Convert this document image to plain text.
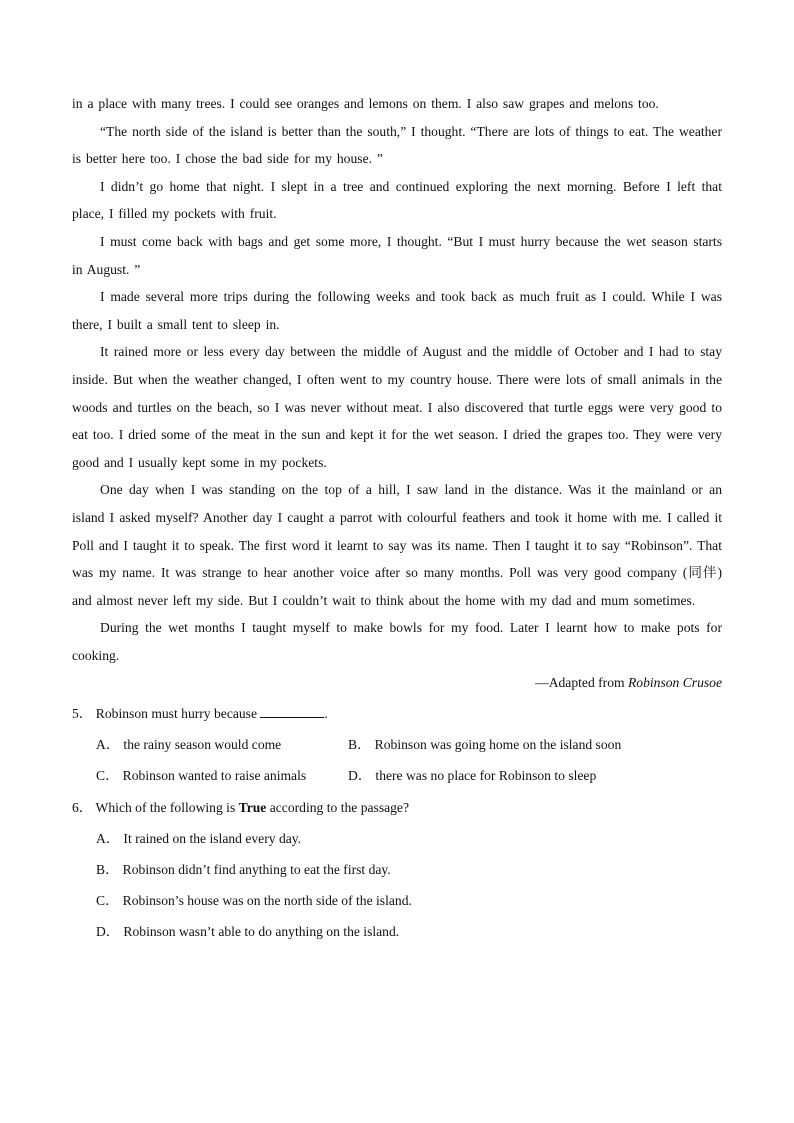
in a place with many trees. I could see oranges and lemons on them. I also saw grapes and melons too.

“The north side of the island is better than the south,” I thought. “There are lots of things to eat. The weather is better here too. I chose the bad side for my house. ”

I didn’t go home that night. I slept in a tree and continued exploring the next morning. Before I left that place, I filled my pockets with fruit.

I must come back with bags and get some more, I thought. “But I must hurry because the wet season starts in August. ”

I made several more trips during the following weeks and took back as much fruit as I could. While I was there, I built a small tent to sleep in.

It rained more or less every day between the middle of August and the middle of October and I had to stay inside. But when the weather changed, I often went to my country house. There were lots of small animals in the woods and turtles on the beach, so I was never without meat. I also discovered that turtle eggs were very good to eat too. I dried some of the meat in the sun and kept it for the wet season. I dried the grapes too. They were very good and I usually kept some in my pockets.

One day when I was standing on the top of a hill, I saw land in the distance. Was it the mainland or an island I asked myself? Another day I caught a parrot with colourful feathers and took it home with me. I called it Poll and I taught it to speak. The first word it learnt to say was its name. Then I taught it to say “Robinson”. That was my name. It was strange to hear another voice after so many months. Poll was very good company (同伴) and almost never left my side. But I couldn’t wait to think about the home with my dad and mum sometimes.

During the wet months I taught myself to make bowls for my food. Later I learnt how to make pots for cooking.

—Adapted from Robinson Crusoe

5． Robinson must hurry because	.

A． the rainy season would come	B． Robinson was going home on the island soon
C． Robinson wanted to raise animals	D． there was no place for Robinson to sleep

6． Which of the following is True according to the passage?

A． It rained on the island every day.

B． Robinson didn’t find anything to eat the first day.

C． Robinson’s house was on the north side of the island.

D． Robinson wasn’t able to do anything on the island.
